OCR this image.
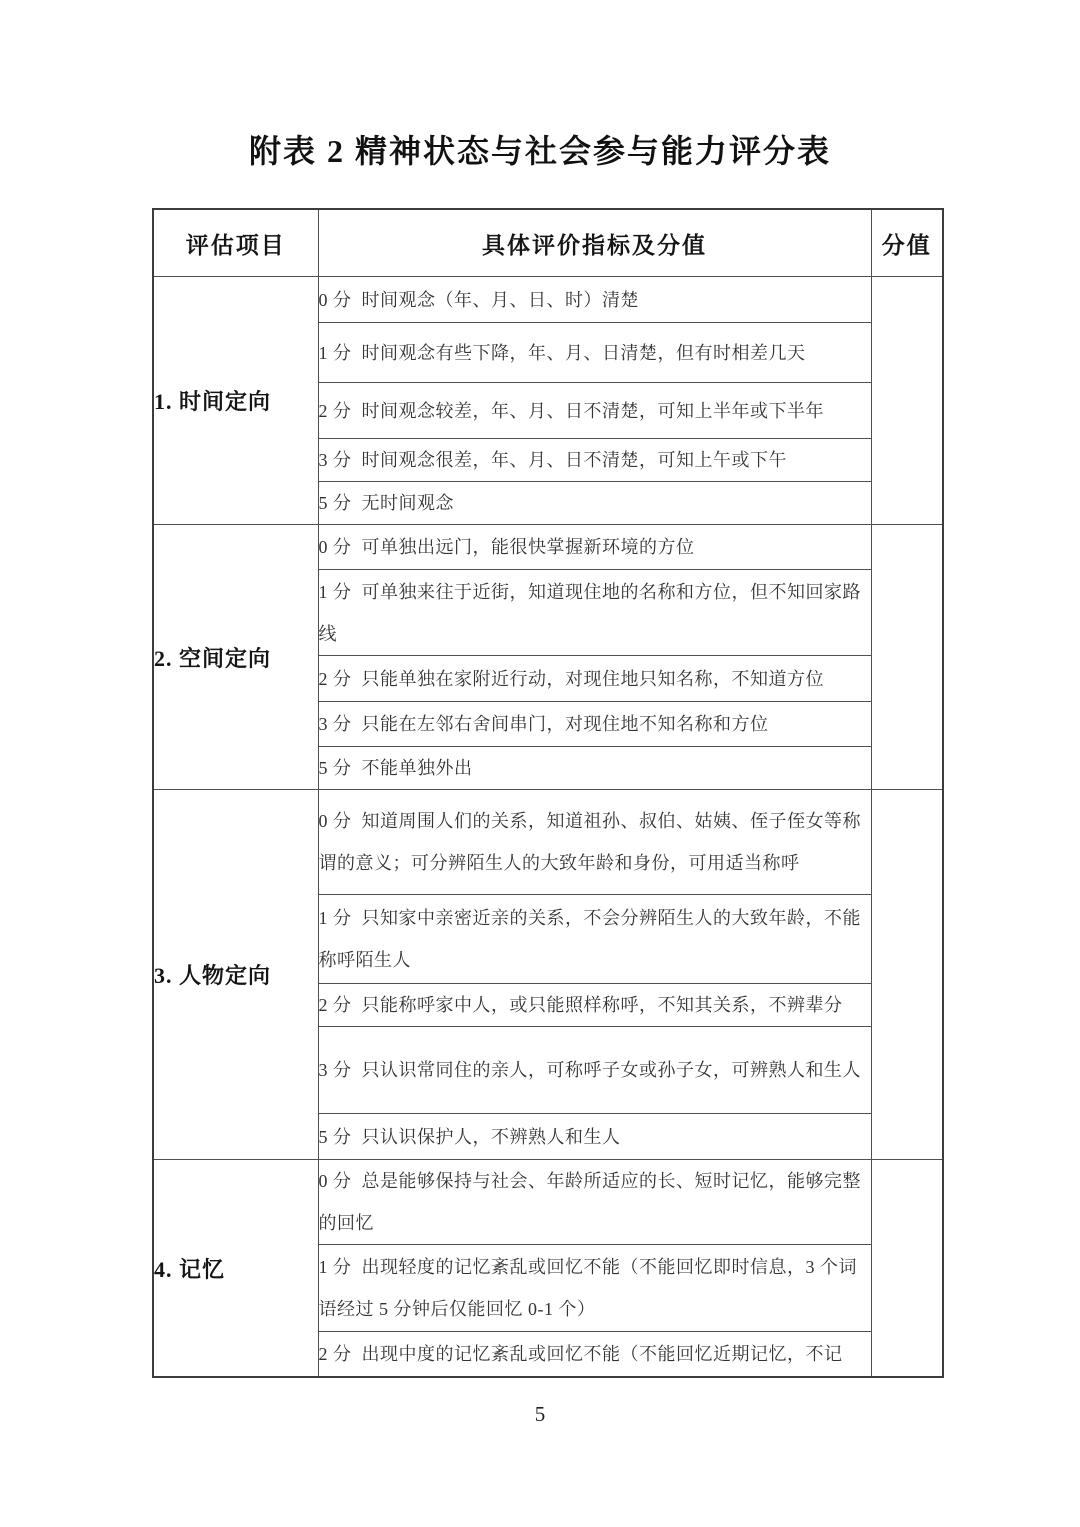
附表 2 精神状态与社会参与能力评分表
评估项目	具体评价指标及分值	分值
1. 时间定向	0 分  时间观念（年、月、日、时）清楚	
	1 分  时间观念有些下降，年、月、日清楚，但有时相差几天	
	2 分  时间观念较差，年、月、日不清楚，可知上半年或下半年	
	3 分  时间观念很差，年、月、日不清楚，可知上午或下午	
	5 分  无时间观念	
2. 空间定向	0 分  可单独出远门，能很快掌握新环境的方位	
	1 分  可单独来往于近街，知道现住地的名称和方位，但不知回家路线	
	2 分  只能单独在家附近行动，对现住地只知名称，不知道方位	
	3 分  只能在左邻右舍间串门，对现住地不知名称和方位	
	5 分  不能单独外出	
3. 人物定向	0 分  知道周围人们的关系，知道祖孙、叔伯、姑姨、侄子侄女等称谓的意义；可分辨陌生人的大致年龄和身份，可用适当称呼	
	1 分  只知家中亲密近亲的关系，不会分辨陌生人的大致年龄，不能称呼陌生人	
	2 分  只能称呼家中人，或只能照样称呼，不知其关系，不辨辈分	
	3 分  只认识常同住的亲人，可称呼子女或孙子女，可辨熟人和生人	
	5 分  只认识保护人，不辨熟人和生人	
4. 记忆	0 分  总是能够保持与社会、年龄所适应的长、短时记忆，能够完整的回忆	
	1 分  出现轻度的记忆紊乱或回忆不能（不能回忆即时信息，3 个词语经过 5 分钟后仅能回忆 0-1 个）	
	2 分  出现中度的记忆紊乱或回忆不能（不能回忆近期记忆，不记	
5
